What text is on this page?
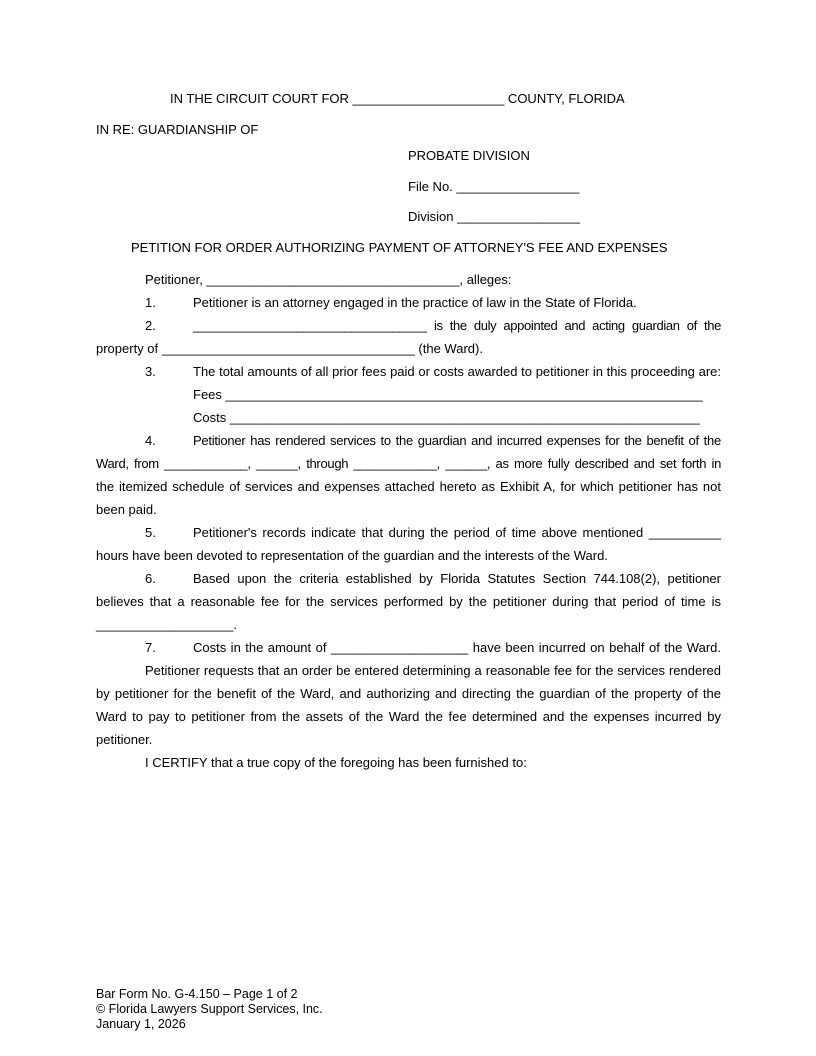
IN THE CIRCUIT COURT FOR _____________________ COUNTY, FLORIDA
IN RE: GUARDIANSHIP OF
PROBATE DIVISION
File No. _________________
Division _________________
PETITION FOR ORDER AUTHORIZING PAYMENT OF ATTORNEY'S FEE AND EXPENSES
Petitioner, ___________________________________, alleges:
1.	Petitioner is an attorney engaged in the practice of law in the State of Florida.
2.	__________________________________ is the duly appointed and acting guardian of the
property of ___________________________________ (the Ward).
3.	The total amounts of all prior fees paid or costs awarded to petitioner in this proceeding are:
Fees __________________________________________________________________
Costs _________________________________________________________________
4.	Petitioner has rendered services to the guardian and incurred expenses for the benefit of the
Ward, from ____________, ______, through ____________, ______, as more fully described and set forth in
the itemized schedule of services and expenses attached hereto as Exhibit A, for which petitioner has not
been paid.
5.	Petitioner's records indicate that during the period of time above mentioned __________
hours have been devoted to representation of the guardian and the interests of the Ward.
6.	Based upon the criteria established by Florida Statutes Section 744.108(2), petitioner
believes that a reasonable fee for the services performed by the petitioner during that period of time is
___________________.
7.	Costs in the amount of ___________________ have been incurred on behalf of the Ward.
Petitioner requests that an order be entered determining a reasonable fee for the services rendered
by petitioner for the benefit of the Ward, and authorizing and directing the guardian of the property of the
Ward to pay to petitioner from the assets of the Ward the fee determined and the expenses incurred by
petitioner.
I CERTIFY that a true copy of the foregoing has been furnished to:
Bar Form No. G-4.150 – Page 1 of 2
© Florida Lawyers Support Services, Inc.
January 1, 2026
